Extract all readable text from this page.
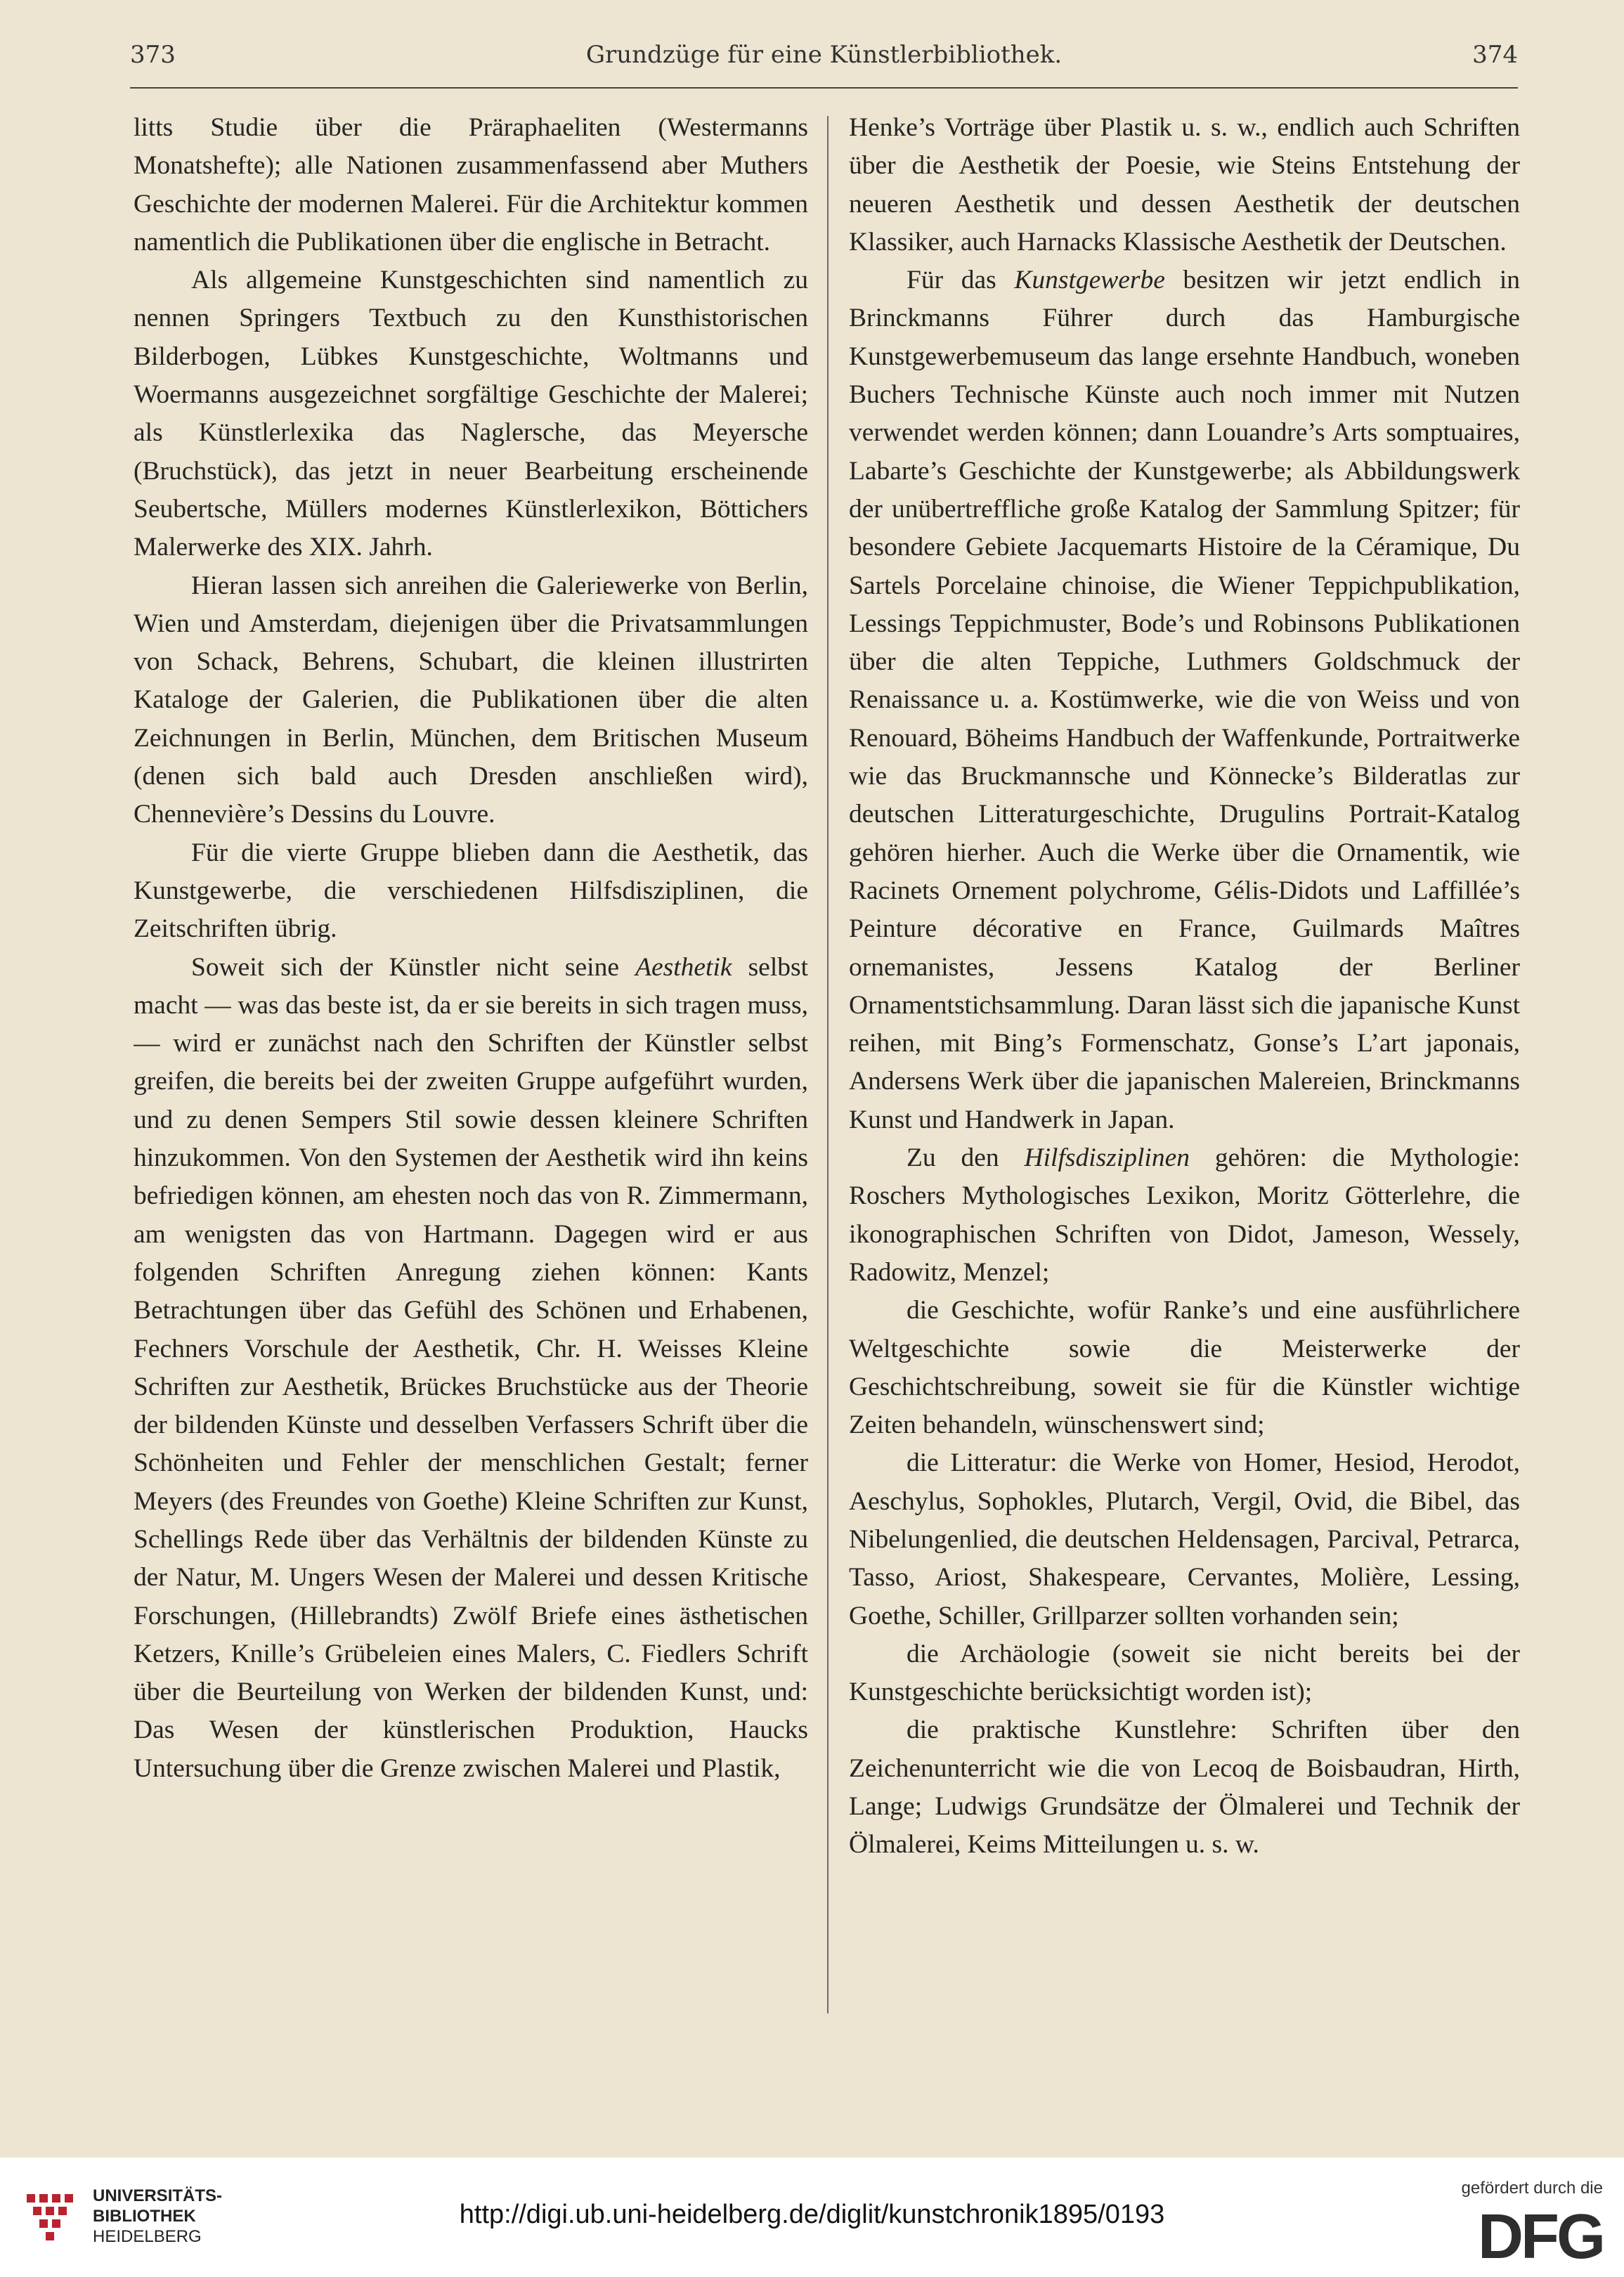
373	Grundzüge für eine Künstlerbibliothek.	374

litts Studie über die Präraphaeliten (Westermanns Monatshefte); alle Nationen zusammenfassend aber Muthers Geschichte der modernen Malerei. Für die Architektur kommen namentlich die Publikationen über die englische in Betracht.

Als allgemeine Kunstgeschichten sind namentlich zu nennen Springers Textbuch zu den Kunsthistorischen Bilderbogen, Lübkes Kunstgeschichte, Woltmanns und Woermanns ausgezeichnet sorgfältige Geschichte der Malerei; als Künstlerlexika das Naglersche, das Meyersche (Bruchstück), das jetzt in neuer Bearbeitung erscheinende Seubertsche, Müllers modernes Künstlerlexikon, Böttichers Malerwerke des XIX. Jahrh.

Hieran lassen sich anreihen die Galeriewerke von Berlin, Wien und Amsterdam, diejenigen über die Privatsammlungen von Schack, Behrens, Schubart, die kleinen illustrirten Kataloge der Galerien, die Publikationen über die alten Zeichnungen in Berlin, München, dem Britischen Museum (denen sich bald auch Dresden anschließen wird), Chennevière’s Dessins du Louvre.

Für die vierte Gruppe blieben dann die Aesthetik, das Kunstgewerbe, die verschiedenen Hilfsdisziplinen, die Zeitschriften übrig.

Soweit sich der Künstler nicht seine Aesthetik selbst macht — was das beste ist, da er sie bereits in sich tragen muss, — wird er zunächst nach den Schriften der Künstler selbst greifen, die bereits bei der zweiten Gruppe aufgeführt wurden, und zu denen Sempers Stil sowie dessen kleinere Schriften hinzukommen. Von den Systemen der Aesthetik wird ihn keins befriedigen können, am ehesten noch das von R. Zimmermann, am wenigsten das von Hartmann. Dagegen wird er aus folgenden Schriften Anregung ziehen können: Kants Betrachtungen über das Gefühl des Schönen und Erhabenen, Fechners Vorschule der Aesthetik, Chr. H. Weisses Kleine Schriften zur Aesthetik, Brückes Bruchstücke aus der Theorie der bildenden Künste und desselben Verfassers Schrift über die Schönheiten und Fehler der menschlichen Gestalt; ferner Meyers (des Freundes von Goethe) Kleine Schriften zur Kunst, Schellings Rede über das Verhältnis der bildenden Künste zu der Natur, M. Ungers Wesen der Malerei und dessen Kritische Forschungen, (Hillebrandts) Zwölf Briefe eines ästhetischen Ketzers, Knille’s Grübeleien eines Malers, C. Fiedlers Schrift über die Beurteilung von Werken der bildenden Kunst, und: Das Wesen der künstlerischen Produktion, Haucks Untersuchung über die Grenze zwischen Malerei und Plastik,

Henke’s Vorträge über Plastik u. s. w., endlich auch Schriften über die Aesthetik der Poesie, wie Steins Entstehung der neueren Aesthetik und dessen Aesthetik der deutschen Klassiker, auch Harnacks Klassische Aesthetik der Deutschen.

Für das Kunstgewerbe besitzen wir jetzt endlich in Brinckmanns Führer durch das Hamburgische Kunstgewerbemuseum das lange ersehnte Handbuch, woneben Buchers Technische Künste auch noch immer mit Nutzen verwendet werden können; dann Louandre’s Arts somptuaires, Labarte’s Geschichte der Kunstgewerbe; als Abbildungswerk der unübertreffliche große Katalog der Sammlung Spitzer; für besondere Gebiete Jacquemarts Histoire de la Céramique, Du Sartels Porcelaine chinoise, die Wiener Teppichpublikation, Lessings Teppichmuster, Bode’s und Robinsons Publikationen über die alten Teppiche, Luthmers Goldschmuck der Renaissance u. a. Kostümwerke, wie die von Weiss und von Renouard, Böheims Handbuch der Waffenkunde, Portraitwerke wie das Bruckmannsche und Könnecke’s Bilderatlas zur deutschen Litteraturgeschichte, Drugulins Portrait-Katalog gehören hierher. Auch die Werke über die Ornamentik, wie Racinets Ornement polychrome, Gélis-Didots und Laffillée’s Peinture décorative en France, Guilmards Maîtres ornemanistes, Jessens Katalog der Berliner Ornamentstichsammlung. Daran lässt sich die japanische Kunst reihen, mit Bing’s Formenschatz, Gonse’s L’art japonais, Andersens Werk über die japanischen Malereien, Brinckmanns Kunst und Handwerk in Japan.

Zu den Hilfsdisziplinen gehören: die Mythologie: Roschers Mythologisches Lexikon, Moritz Götterlehre, die ikonographischen Schriften von Didot, Jameson, Wessely, Radowitz, Menzel;

die Geschichte, wofür Ranke’s und eine ausführlichere Weltgeschichte sowie die Meisterwerke der Geschichtschreibung, soweit sie für die Künstler wichtige Zeiten behandeln, wünschenswert sind;

die Litteratur: die Werke von Homer, Hesiod, Herodot, Aeschylus, Sophokles, Plutarch, Vergil, Ovid, die Bibel, das Nibelungenlied, die deutschen Heldensagen, Parcival, Petrarca, Tasso, Ariost, Shakespeare, Cervantes, Molière, Lessing, Goethe, Schiller, Grillparzer sollten vorhanden sein;

die Archäologie (soweit sie nicht bereits bei der Kunstgeschichte berücksichtigt worden ist);

die praktische Kunstlehre: Schriften über den Zeichenunterricht wie die von Lecoq de Boisbaudran, Hirth, Lange; Ludwigs Grundsätze der Ölmalerei und Technik der Ölmalerei, Keims Mitteilungen u. s. w.

UNIVERSITÄTS-
BIBLIOTHEK
HEIDELBERG
http://digi.ub.uni-heidelberg.de/diglit/kunstchronik1895/0193
gefördert durch die
DFG
